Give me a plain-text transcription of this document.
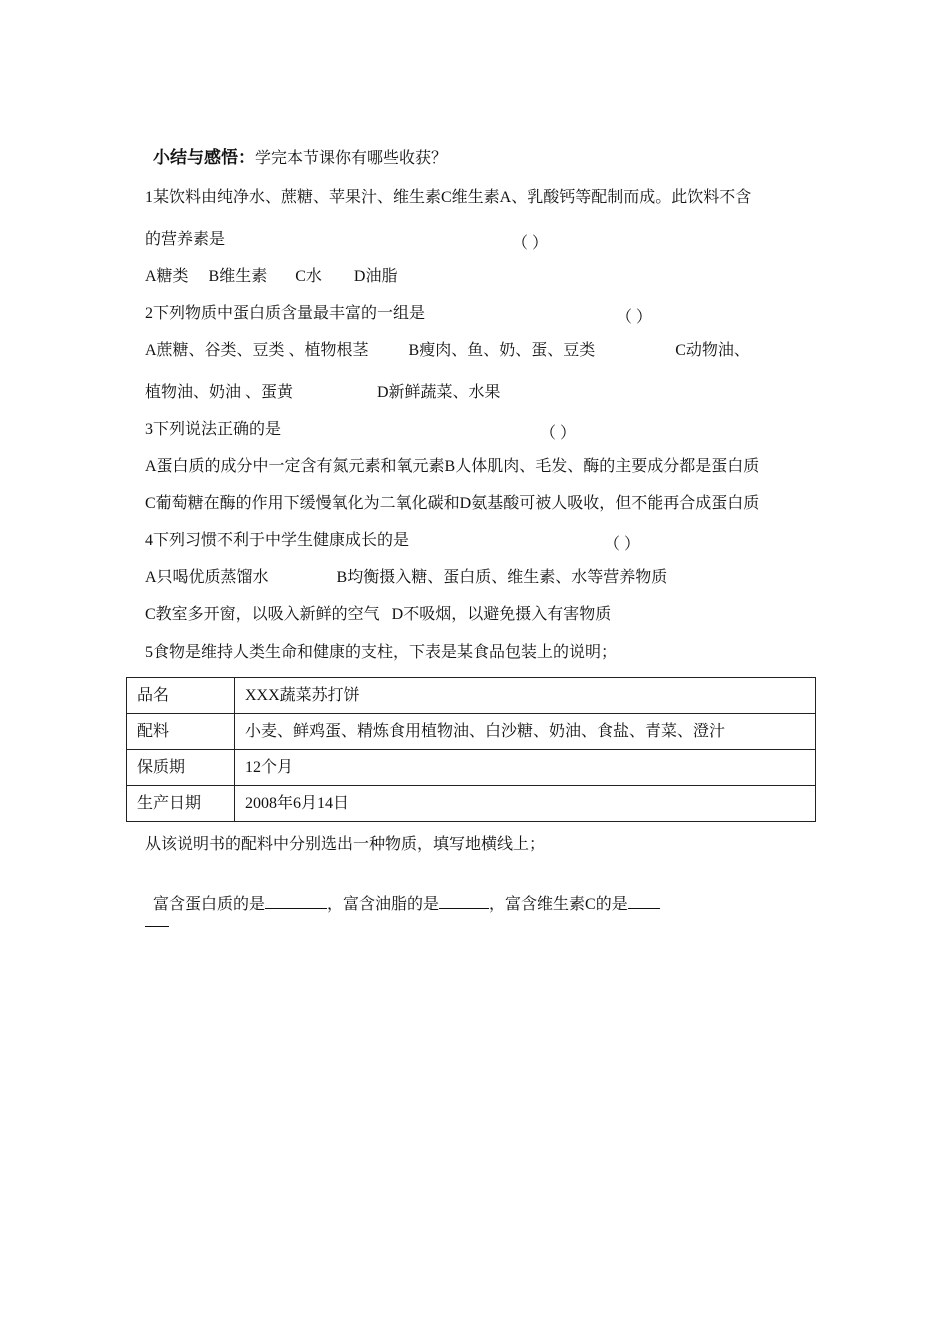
小结与感悟：学完本节课你有哪些收获？

1某饮料由纯净水、蔗糖、苹果汁、维生素C维生素A、乳酸钙等配制而成。此饮料不含
的营养素是	（ ）
A糖类     B维生素       C水        D油脂
2下列物质中蛋白质含量最丰富的一组是	（ ）
A蔗糖、谷类、豆类 、植物根茎          B瘦肉、鱼、奶、蛋、豆类                    C动物油、
植物油、奶油 、蛋黄                     D新鲜蔬菜、水果
3下列说法正确的是	（ ）
A蛋白质的成分中一定含有氮元素和氧元素B人体肌肉、毛发、酶的主要成分都是蛋白质
C葡萄糖在酶的作用下缓慢氧化为二氧化碳和D氨基酸可被人吸收，但不能再合成蛋白质
4下列习惯不利于中学生健康成长的是	（ ）
A只喝优质蒸馏水                 B均衡摄入糖、蛋白质、维生素、水等营养物质
C教室多开窗，以吸入新鲜的空气   D不吸烟，以避免摄入有害物质
5食物是维持人类生命和健康的支柱，下表是某食品包装上的说明；
品名	XXX蔬菜苏打饼
配料	小麦、鲜鸡蛋、精炼食用植物油、白沙糖、奶油、食盐、青菜、澄汁
保质期	12个月
生产日期	2008年6月14日
从该说明书的配料中分别选出一种物质，填写地横线上；

富含蛋白质的是	，富含油脂的是	，富含维生素C的是
